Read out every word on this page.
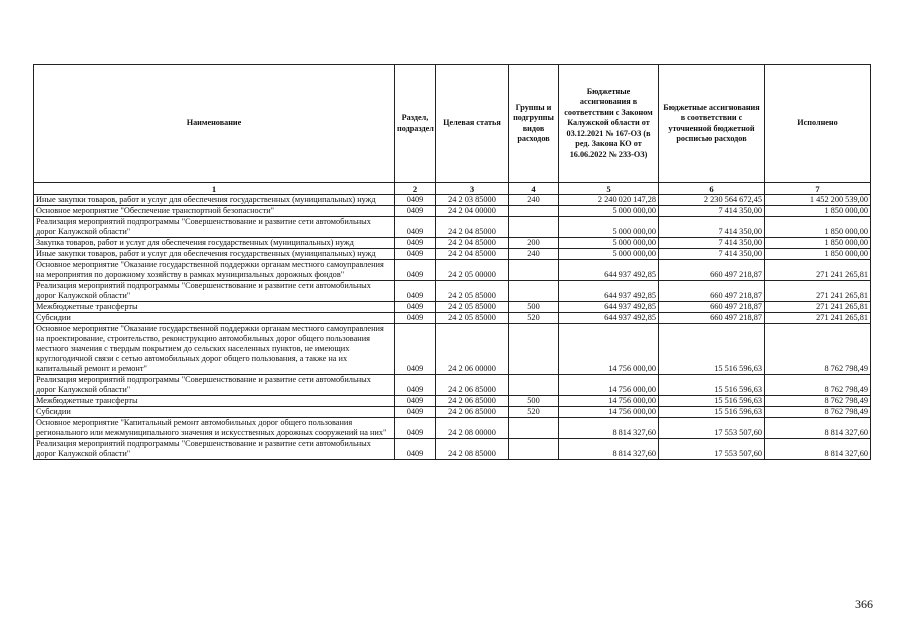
Наименование	Раздел, подраздел	Целевая статья	Группы и подгруппы видов расходов	Бюджетные ассигнования в соответствии с Законом Калужской области от 03.12.2021 № 167-ОЗ (в ред. Закона КО от 16.06.2022 № 233-ОЗ)	Бюджетные ассигнования в соответствии с уточненной бюджетной росписью расходов	Исполнено
1	2	3	4	5	6	7
Иные закупки товаров, работ и услуг для обеспечения государственных (муниципальных) нужд	0409	24 2 03 85000	240	2 240 020 147,28	2 230 564 672,45	1 452 200 539,00
Основное мероприятие "Обеспечение транспортной безопасности"	0409	24 2 04 00000		5 000 000,00	7 414 350,00	1 850 000,00
Реализация мероприятий подпрограммы "Совершенствование и развитие сети автомобильных дорог Калужской области"	0409	24 2 04 85000		5 000 000,00	7 414 350,00	1 850 000,00
Закупка товаров, работ и услуг для обеспечения государственных (муниципальных) нужд	0409	24 2 04 85000	200	5 000 000,00	7 414 350,00	1 850 000,00
Иные закупки товаров, работ и услуг для обеспечения государственных (муниципальных) нужд	0409	24 2 04 85000	240	5 000 000,00	7 414 350,00	1 850 000,00
Основное мероприятие "Оказание государственной поддержки органам местного самоуправления на мероприятия по дорожному хозяйству в рамках муниципальных дорожных фондов"	0409	24 2 05 00000		644 937 492,85	660 497 218,87	271 241 265,81
Реализация мероприятий подпрограммы "Совершенствование и развитие сети автомобильных дорог Калужской области"	0409	24 2 05 85000		644 937 492,85	660 497 218,87	271 241 265,81
Межбюджетные трансферты	0409	24 2 05 85000	500	644 937 492,85	660 497 218,87	271 241 265,81
Субсидии	0409	24 2 05 85000	520	644 937 492,85	660 497 218,87	271 241 265,81
Основное мероприятие "Оказание государственной поддержки органам местного самоуправления на проектирование, строительство, реконструкцию автомобильных дорог общего пользования местного значения с твердым покрытием до сельских населенных пунктов, не имеющих круглогодичной связи с сетью автомобильных дорог общего пользования, а также на их капитальный ремонт и ремонт"	0409	24 2 06 00000		14 756 000,00	15 516 596,63	8 762 798,49
Реализация мероприятий подпрограммы "Совершенствование и развитие сети автомобильных дорог Калужской области"	0409	24 2 06 85000		14 756 000,00	15 516 596,63	8 762 798,49
Межбюджетные трансферты	0409	24 2 06 85000	500	14 756 000,00	15 516 596,63	8 762 798,49
Субсидии	0409	24 2 06 85000	520	14 756 000,00	15 516 596,63	8 762 798,49
Основное мероприятие "Капитальный ремонт автомобильных дорог общего пользования регионального или межмуниципального значения и искусственных дорожных сооружений на них"	0409	24 2 08 00000		8 814 327,60	17 553 507,60	8 814 327,60
Реализация мероприятий подпрограммы "Совершенствование и развитие сети автомобильных дорог Калужской области"	0409	24 2 08 85000		8 814 327,60	17 553 507,60	8 814 327,60
366
